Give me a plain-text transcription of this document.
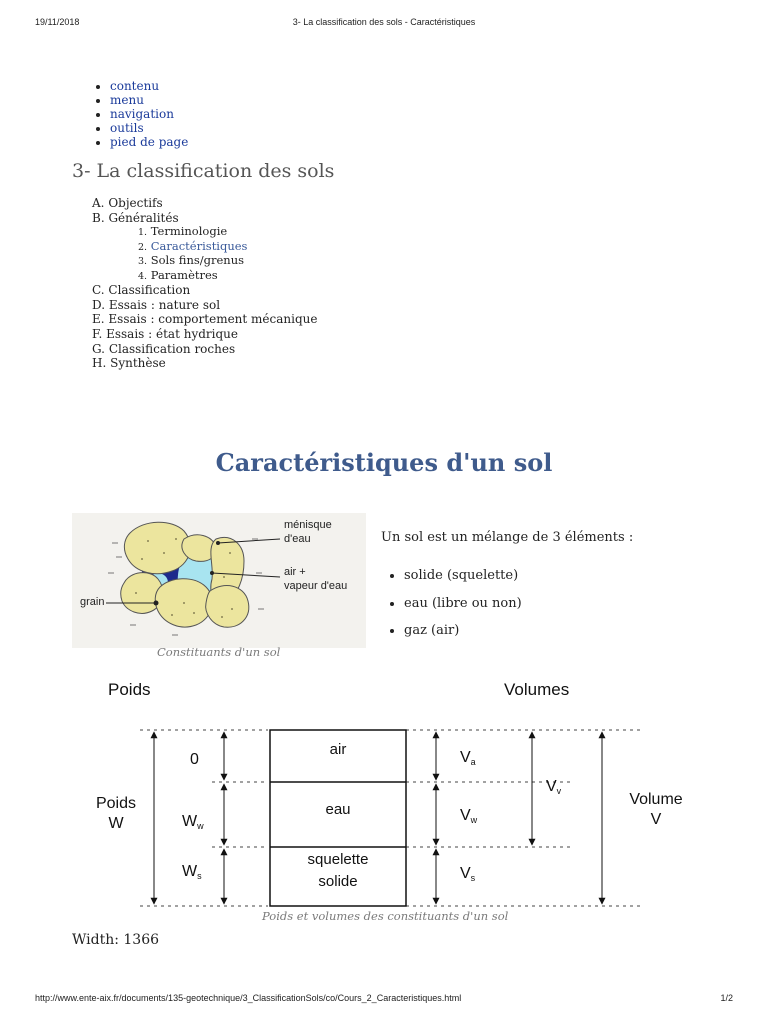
19/11/2018	3- La classification des sols - Caractéristiques
• contenu
• menu
• navigation
• outils
• pied de page
3- La classification des sols
A. Objectifs
B. Généralités
1. Terminologie
2. Caractéristiques
3. Sols fins/grenus
4. Paramètres
C. Classification
D. Essais : nature sol
E. Essais : comportement mécanique
F. Essais : état hydrique
G. Classification roches
H. Synthèse
Caractéristiques d'un sol
ménisque
d'eau
air +
vapeur d'eau
grain
Constituants d'un sol

Un sol est un mélange de 3 éléments :

• solide (squelette)
• eau (libre ou non)
• gaz (air)
Poids	Volumes
air
eau
squelette
solide
Poids
W
0
Ww
Ws
Va
Vw
Vs
Vv	Volume
V
Poids et volumes des constituants d'un sol
Width: 1366
http://www.ente-aix.fr/documents/135-geotechnique/3_ClassificationSols/co/Cours_2_Caracteristiques.html	1/2
